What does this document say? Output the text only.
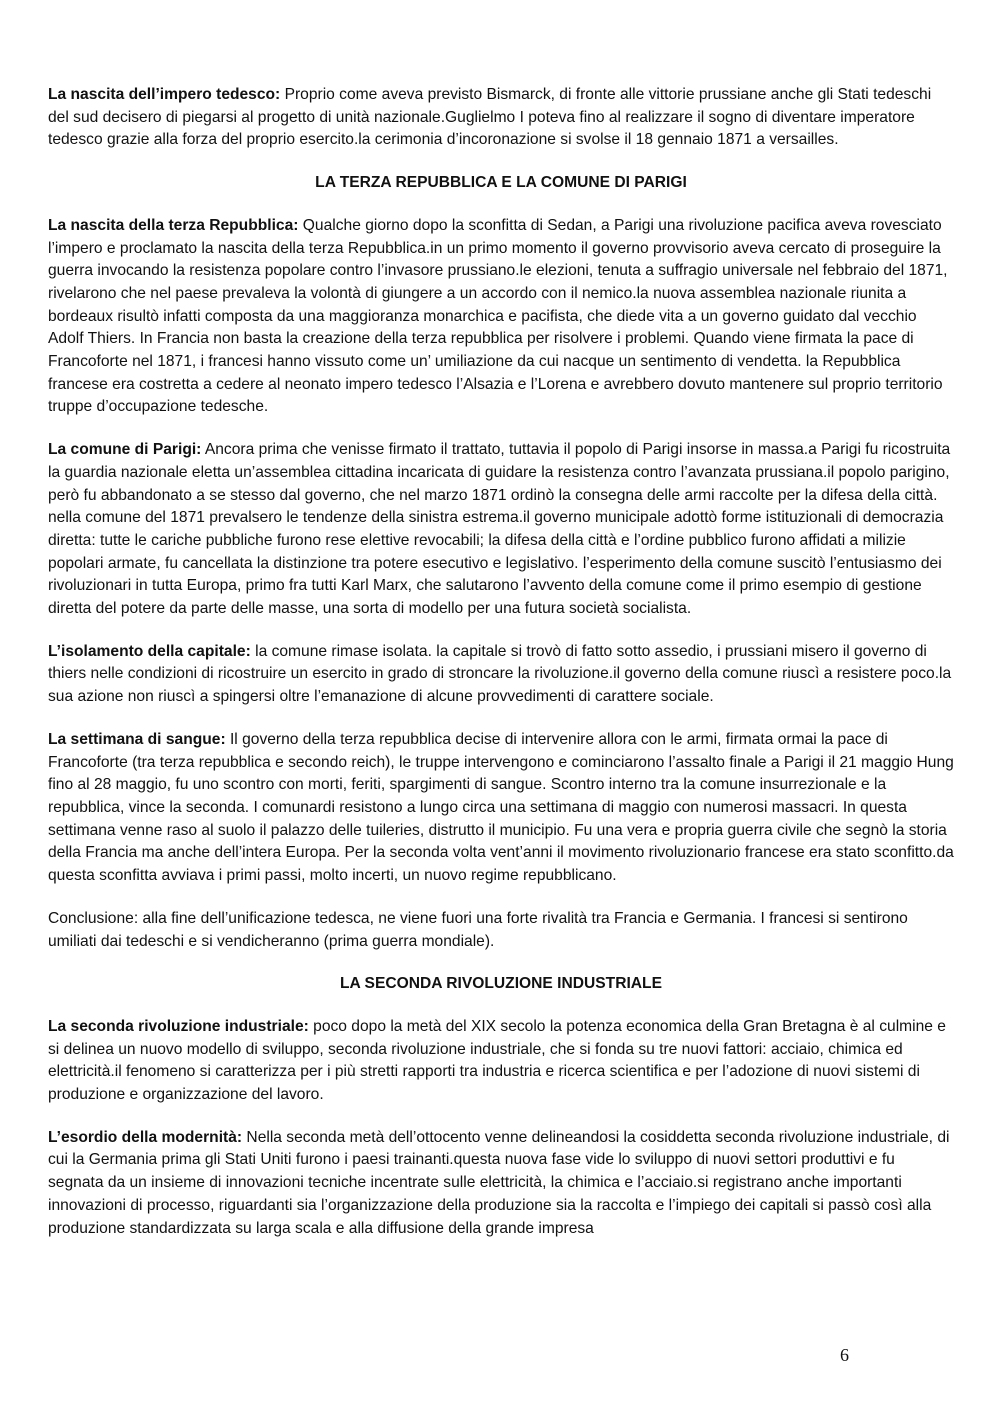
La nascita dell’impero tedesco: Proprio come aveva previsto Bismarck, di fronte alle vittorie prussiane anche gli Stati tedeschi del sud decisero di piegarsi al progetto di unità nazionale.Guglielmo I poteva fino al realizzare il sogno di diventare imperatore tedesco grazie alla forza del proprio esercito.la cerimonia d’incoronazione si svolse il 18 gennaio 1871 a versailles.

LA TERZA REPUBBLICA E LA COMUNE DI PARIGI

La nascita della terza Repubblica: Qualche giorno dopo la sconfitta di Sedan, a Parigi una rivoluzione pacifica aveva rovesciato l’impero e proclamato la nascita della terza Repubblica.in un primo momento il governo provvisorio aveva cercato di proseguire la guerra invocando la resistenza popolare contro l’invasore prussiano.le elezioni, tenuta a suffragio universale nel febbraio del 1871, rivelarono che nel paese prevaleva la volontà di giungere a un accordo con il nemico.la nuova assemblea nazionale riunita a bordeaux risultò infatti composta da una maggioranza monarchica e pacifista, che diede vita a un governo guidato dal vecchio Adolf Thiers. In Francia non basta la creazione della terza repubblica per risolvere i problemi. Quando viene firmata la pace di Francoforte nel 1871, i francesi hanno vissuto come un’ umiliazione da cui nacque un sentimento di vendetta. la Repubblica francese era costretta a cedere al neonato impero tedesco l’Alsazia e l’Lorena e avrebbero dovuto mantenere sul proprio territorio truppe d’occupazione tedesche.

La comune di Parigi: Ancora prima che venisse firmato il trattato, tuttavia il popolo di Parigi insorse in massa.a Parigi fu ricostruita la guardia nazionale eletta un’assemblea cittadina incaricata di guidare la resistenza contro l’avanzata prussiana.il popolo parigino, però fu abbandonato a se stesso dal governo, che nel marzo 1871 ordinò la consegna delle armi raccolte per la difesa della città. nella comune del 1871 prevalsero le tendenze della sinistra estrema.il governo municipale adottò forme istituzionali di democrazia diretta: tutte le cariche pubbliche furono rese elettive revocabili; la difesa della città e l’ordine pubblico furono affidati a milizie popolari armate, fu cancellata la distinzione tra potere esecutivo e legislativo. l’esperimento della comune suscitò l’entusiasmo dei rivoluzionari in tutta Europa, primo fra tutti Karl Marx, che salutarono l’avvento della comune come il primo esempio di gestione diretta del potere da parte delle masse, una sorta di modello per una futura società socialista.

L’isolamento della capitale: la comune rimase isolata. la capitale si trovò di fatto sotto assedio, i prussiani misero il governo di thiers nelle condizioni di ricostruire un esercito in grado di stroncare la rivoluzione.il governo della comune riuscì a resistere poco.la sua azione non riuscì a spingersi oltre l’emanazione di alcune provvedimenti di carattere sociale.

La settimana di sangue: Il governo della terza repubblica decise di intervenire allora con le armi, firmata ormai la pace di Francoforte (tra terza repubblica e secondo reich), le truppe intervengono e cominciarono l’assalto finale a Parigi il 21 maggio Hung fino al 28 maggio, fu uno scontro con morti, feriti, spargimenti di sangue. Scontro interno tra la comune insurrezionale e la repubblica, vince la seconda. I comunardi resistono a lungo circa una settimana di maggio con numerosi massacri. In questa settimana venne raso al suolo il palazzo delle tuileries, distrutto il municipio. Fu una vera e propria guerra civile che segnò la storia della Francia ma anche dell’intera Europa. Per la seconda volta vent’anni il movimento rivoluzionario francese era stato sconfitto.da questa sconfitta avviava i primi passi, molto incerti, un nuovo regime repubblicano.

Conclusione: alla fine dell’unificazione tedesca, ne viene fuori una forte rivalità tra Francia e Germania. I francesi si sentirono umiliati dai tedeschi e si vendicheranno (prima guerra mondiale).

LA SECONDA RIVOLUZIONE INDUSTRIALE

La seconda rivoluzione industriale: poco dopo la metà del XIX secolo la potenza economica della Gran Bretagna è al culmine e si delinea un nuovo modello di sviluppo, seconda rivoluzione industriale, che si fonda su tre nuovi fattori: acciaio, chimica ed elettricità.il fenomeno si caratterizza per i più stretti rapporti tra industria e ricerca scientifica e per l’adozione di nuovi sistemi di produzione e organizzazione del lavoro.

L’esordio della modernità: Nella seconda metà dell’ottocento venne delineandosi la cosiddetta seconda rivoluzione industriale, di cui la Germania prima gli Stati Uniti furono i paesi trainanti.questa nuova fase vide lo sviluppo di nuovi settori produttivi e fu segnata da un insieme di innovazioni tecniche incentrate sulle elettricità, la chimica e l’acciaio.si registrano anche importanti innovazioni di processo, riguardanti sia l’organizzazione della produzione sia la raccolta e l’impiego dei capitali si passò così alla produzione standardizzata su larga scala e alla diffusione della grande impresa

6
